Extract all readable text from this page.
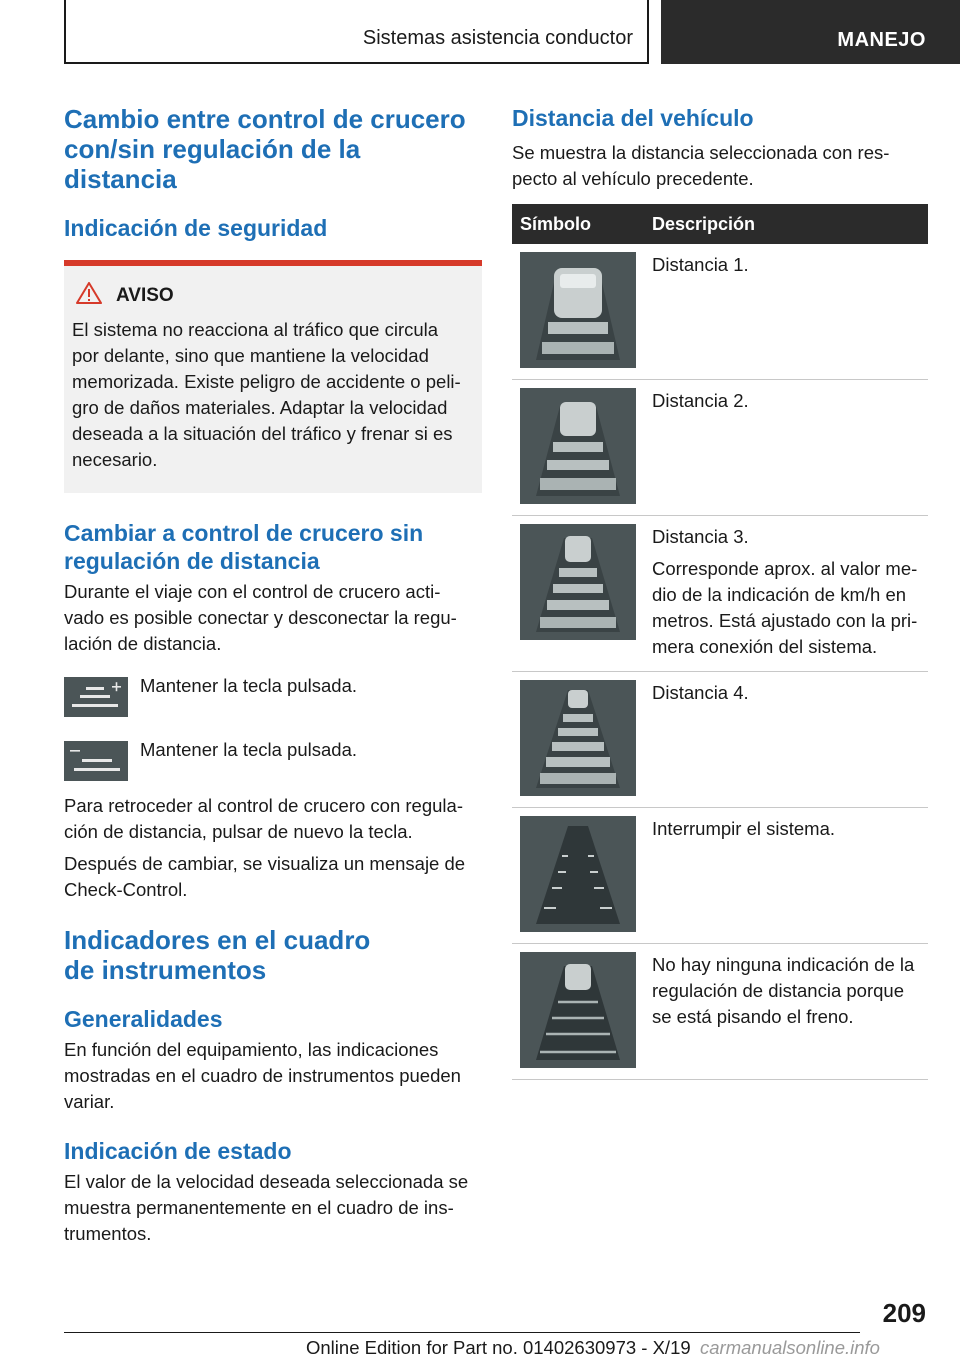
Sistemas asistencia conductor	MANEJO
Cambio entre control de crucero
con/sin regulación de la
distancia
Indicación de seguridad
AVISO

El sistema no reacciona al tráfico que circula
por delante, sino que mantiene la velocidad
memorizada. Existe peligro de accidente o peli-
gro de daños materiales. Adaptar la velocidad
deseada a la situación del tráfico y frenar si es
necesario.

Cambiar a control de crucero sin
regulación de distancia

Durante el viaje con el control de crucero acti-
vado es posible conectar y desconectar la regu-
lación de distancia.

Mantener la tecla pulsada.

Mantener la tecla pulsada.

Para retroceder al control de crucero con regula-
ción de distancia, pulsar de nuevo la tecla.

Después de cambiar, se visualiza un mensaje de
Check-Control.

Indicadores en el cuadro
de instrumentos
Generalidades

En función del equipamiento, las indicaciones
mostradas en el cuadro de instrumentos pueden
variar.

Indicación de estado

El valor de la velocidad deseada seleccionada se
muestra permanentemente en el cuadro de ins-
trumentos.

Distancia del vehículo

Se muestra la distancia seleccionada con res-
pecto al vehículo precedente.

Símbolo	Descripción

Distancia 1.

Distancia 2.

Distancia 3.

Corresponde aprox. al valor me-
dio de la indicación de km/h en
metros. Está ajustado con la pri-
mera conexión del sistema.

Distancia 4.

Interrumpir el sistema.

No hay ninguna indicación de la
regulación de distancia porque
se está pisando el freno.

209
Online Edition for Part no. 01402630973 - X/19 carmanualsonline.info
